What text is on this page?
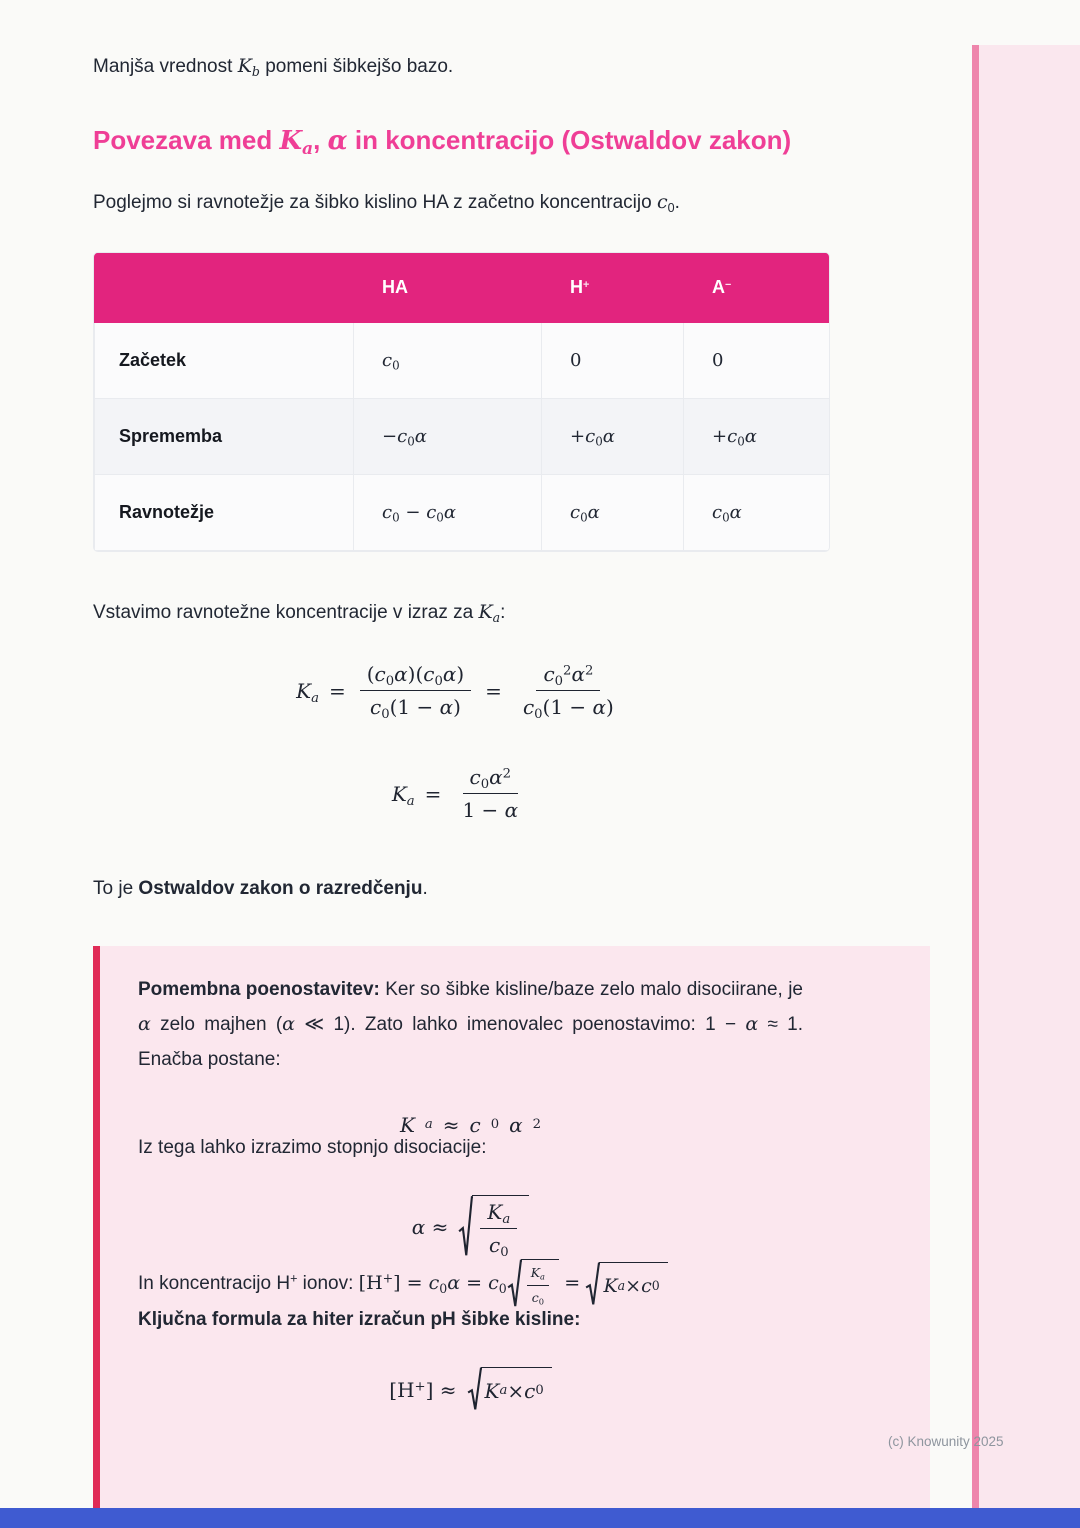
Manjša vrednost $K_b$ pomeni šibkejšo bazo.

Povezava med $K_a$, α in koncentracijo (Ostwaldov zakon)

Poglejmo si ravnotežje za šibko kislino HA z začetno koncentracijo $c_0$.

	HA	H+	A−
Začetek	$c_0$	0	0
Sprememba	$-c_0\alpha$	$+c_0\alpha$	$+c_0\alpha$
Ravnotežje	$c_0 - c_0\alpha$	$c_0\alpha$	$c_0\alpha$

Vstavimo ravnotežne koncentracije v izraz za $K_a$:

$K_a = \frac{(c_0\alpha)(c_0\alpha)}{c_0(1 - \alpha)} = \frac{c_0^2\alpha^2}{c_0(1 - \alpha)}$
$K_a = \frac{c_0\alpha^2}{1 - \alpha}$

To je Ostwaldov zakon o razredčenju.

Pomembna poenostavitev: Ker so šibke kisline/baze zelo malo disociirane, je α zelo majhen (α ≪ 1). Zato lahko imenovalec poenostavimo: 1 − α ≈ 1. Enačba postane:

K a ≈ c 0 α 2

Iz tega lahko izrazimo stopnjo disociacije:

$\alpha \approx \frac{K_a}{c_0}$

In koncentracijo H+ ionov: $[H^+] = c_0\alpha = c_0 \frac{K_a}{c_0} = K$ a × c 0

Ključna formula za hiter izračun pH šibke kisline:

[H+] ≈ K a × c 0
(c) Knowunity 2025
